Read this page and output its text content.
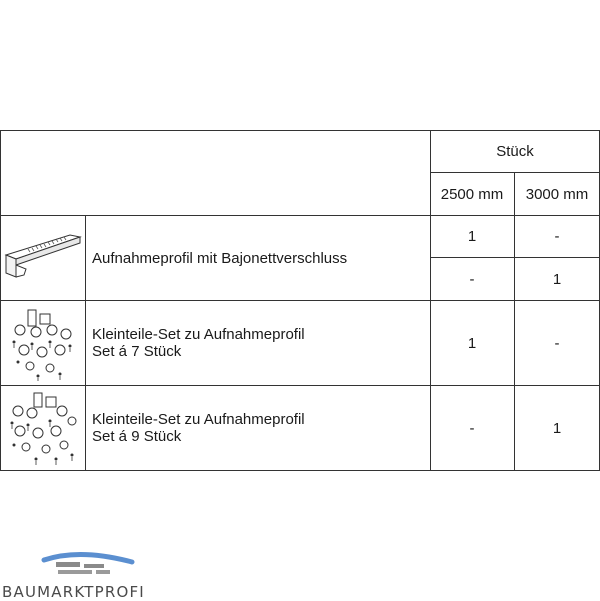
Stück
2500 mm	3000 mm
Aufnahmeprofil mit Bajonettverschluss
1	-
-	1
Kleinteile-Set zu Aufnahmeprofil
Set á 7 Stück	1	-
Kleinteile-Set zu Aufnahmeprofil
Set á 9 Stück	-	1
BAUMARKTPROFI
